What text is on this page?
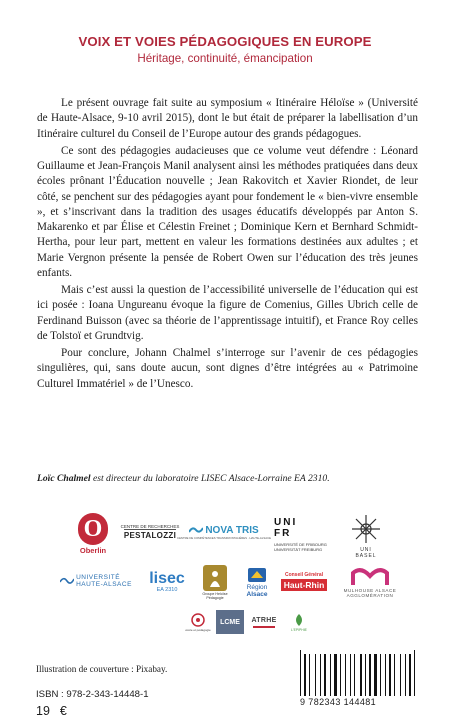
VOIX ET VOIES PÉDAGOGIQUES EN EUROPE
Héritage, continuité, émancipation

Le présent ouvrage fait suite au symposium « Itinéraire Héloïse » (Université de Haute-Alsace, 9-10 avril 2015), dont le but était de préparer la labellisation d’un Itinéraire culturel du Conseil de l’Europe autour des grands pédagogues.

Ce sont des pédagogies audacieuses que ce volume veut défendre : Léonard Guillaume et Jean-François Manil analysent ainsi les méthodes pratiquées dans deux écoles prônant l’Éducation nouvelle ; Jean Rakovitch et Xavier Riondet, de leur côté, se penchent sur des pédagogies ayant pour fondement le « bien-vivre ensemble », et s’inscrivant dans la tradition des usages éducatifs développés par Anton S. Makarenko et par Élise et Célestin Freinet ; Dominique Kern et Bernhard Schmidt-Hertha, pour leur part, mettent en valeur les formations destinées aux adultes ; et Marie Vergnon présente la pensée de Robert Owen sur l’éducation des très jeunes enfants.

Mais c’est aussi la question de l’accessibilité universelle de l’éducation qui est ici posée : Ioana Ungureanu évoque la figure de Comenius, Gilles Ubrich celle de Ferdinand Buisson (avec sa théorie de l’apprentissage intuitif), et France Roy celles de Tolstoï et Grundtvig.

Pour conclure, Johann Chalmel s’interroge sur l’avenir de ces pédagogies singulières, qui, sans doute aucun, sont dignes d’être intégrées au « Patrimoine Culturel Immatériel » de l’Unesco.

Loïc Chalmel est directeur du laboratoire LISEC Alsace-Lorraine EA 2310.
O
Oberlin
CENTRE DE RECHERCHES
PESTALOZZI	NOVA TRIS
CENTRE DE COMPÉTENCES TRANSFRONTALIÈRES · HAUTE-ALSACE
UNI
FR
UNIVERSITÉ DE FRIBOURG
UNIVERSITÄT FREIBURG	UNI
BASEL
UNIVERSITÉ
HAUTE-ALSACE lisec
EA 2310
Groupe Heloïse
Pédagogie
Région
Alsace
Conseil Général
Haut-Rhin
MULHOUSE ALSACE
AGGLOMÉRATION
école et pédagogie
LCME ATRHE
L'EPIPHIE
Illustration de couverture : Pixabay.
ISBN : 978-2-343-14448-1
19 €
9 782343 144481
